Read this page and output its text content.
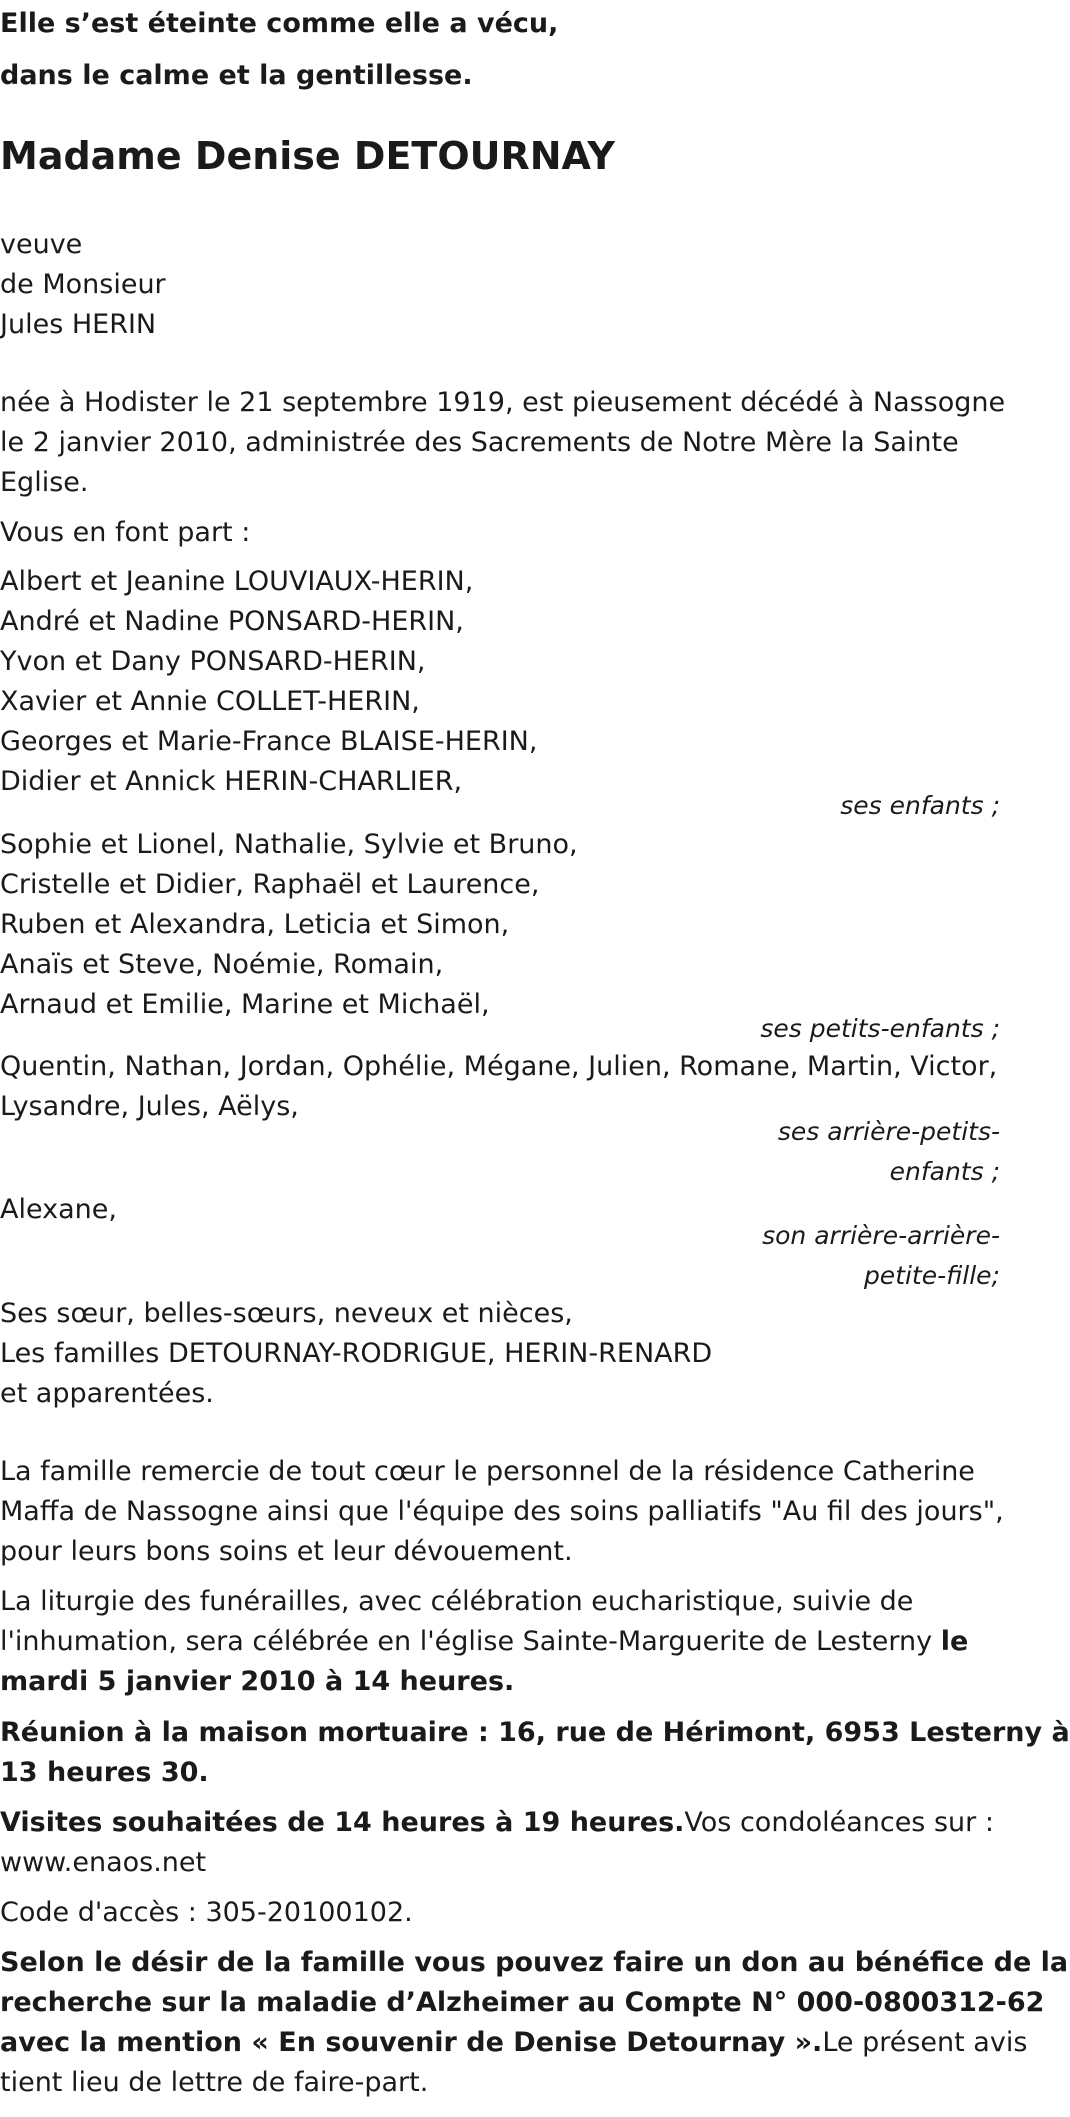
Elle s’est éteinte comme elle a vécu,
dans le calme et la gentillesse.
Madame Denise DETOURNAY
veuve
de Monsieur
Jules HERIN
née à Hodister le 21 septembre 1919, est pieusement décédé à Nassogne
le 2 janvier 2010, administrée des Sacrements de Notre Mère la Sainte
Eglise.
Vous en font part :
Albert et Jeanine LOUVIAUX-HERIN,
André et Nadine PONSARD-HERIN,
Yvon et Dany PONSARD-HERIN,
Xavier et Annie COLLET-HERIN,
Georges et Marie-France BLAISE-HERIN,
Didier et Annick HERIN-CHARLIER,
ses enfants ;
Sophie et Lionel, Nathalie, Sylvie et Bruno,
Cristelle et Didier, Raphaël et Laurence,
Ruben et Alexandra, Leticia et Simon,
Anaïs et Steve, Noémie, Romain,
Arnaud et Emilie, Marine et Michaël,
ses petits-enfants ;
Quentin, Nathan, Jordan, Ophélie, Mégane, Julien, Romane, Martin, Victor,
Lysandre, Jules, Aëlys,
ses arrière-petits-
enfants ;
Alexane,
son arrière-arrière-
petite-fille;
Ses sœur, belles-sœurs, neveux et nièces,
Les familles DETOURNAY-RODRIGUE, HERIN-RENARD
et apparentées.
La famille remercie de tout cœur le personnel de la résidence Catherine
Maffa de Nassogne ainsi que l'équipe des soins palliatifs "Au fil des jours",
pour leurs bons soins et leur dévouement.
La liturgie des funérailles, avec célébration eucharistique, suivie de
l'inhumation, sera célébrée en l'église Sainte-Marguerite de Lesterny le
mardi 5 janvier 2010 à 14 heures.
Réunion à la maison mortuaire : 16, rue de Hérimont, 6953 Lesterny à
13 heures 30.
Visites souhaitées de 14 heures à 19 heures.Vos condoléances sur :
www.enaos.net
Code d'accès : 305-20100102.
Selon le désir de la famille vous pouvez faire un don au bénéfice de la
recherche sur la maladie d’Alzheimer au Compte N° 000-0800312-62
avec la mention « En souvenir de Denise Detournay ».Le présent avis
tient lieu de lettre de faire-part.
